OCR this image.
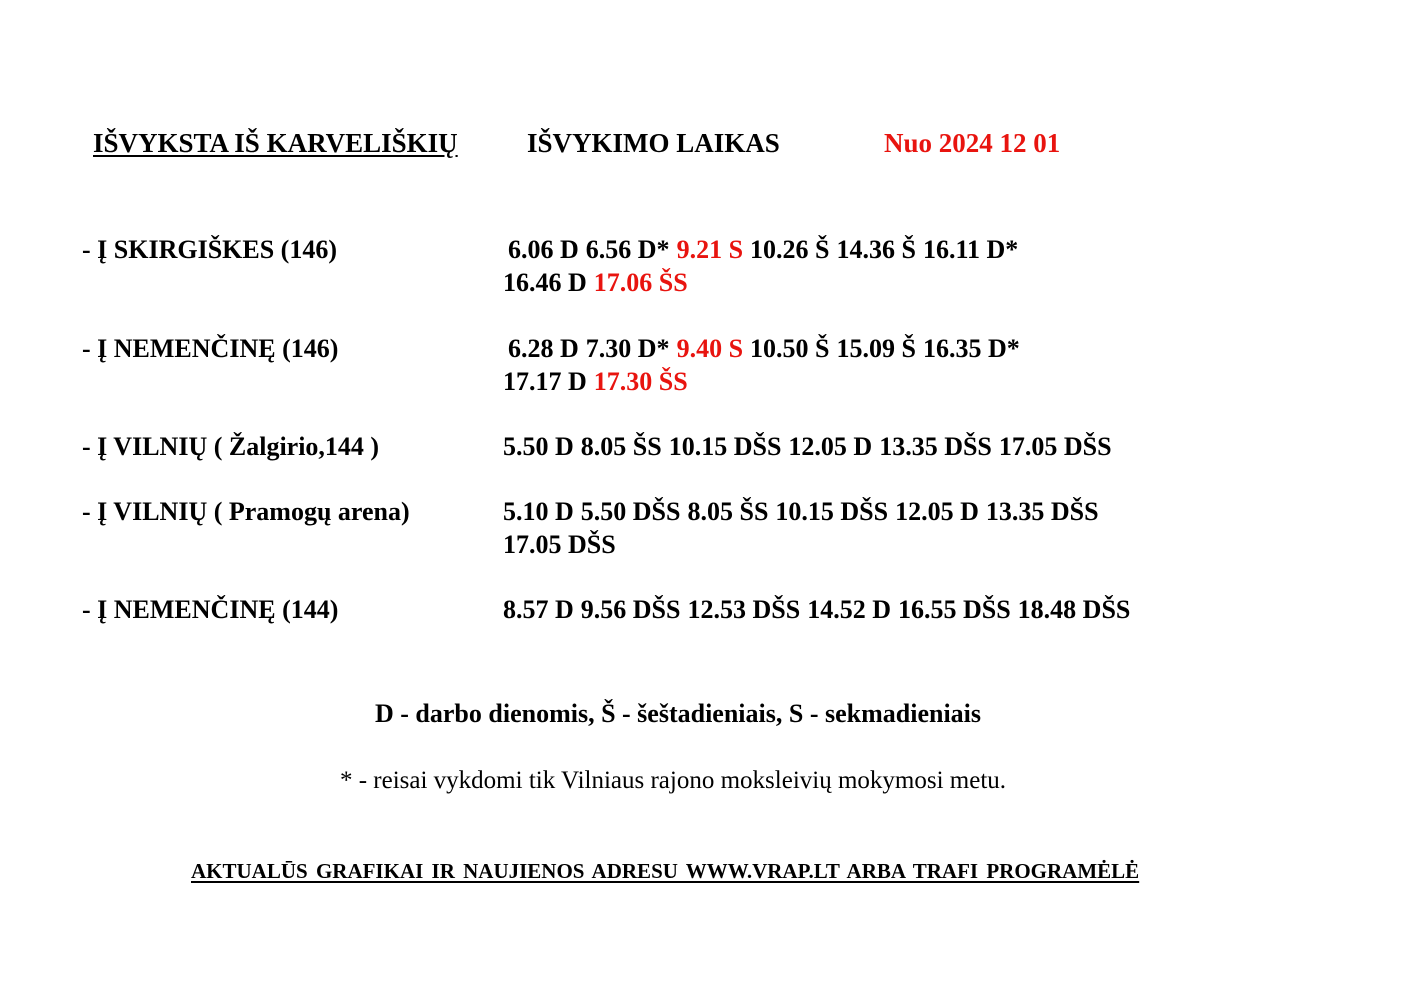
IŠVYKSTA IŠ KARVELIŠKIŲ	IŠVYKIMO LAIKAS	Nuo 2024 12 01
- Į SKIRGIŠKES (146)	6.06 D 6.56 D* 9.21 S 10.26 Š 14.36 Š 16.11 D*
16.46 D 17.06 ŠS
- Į NEMENČINĘ (146)	6.28 D 7.30 D* 9.40 S 10.50 Š 15.09 Š 16.35 D*
17.17 D 17.30 ŠS
- Į VILNIŲ ( Žalgirio,144 )	5.50 D 8.05 ŠS 10.15 DŠS 12.05 D 13.35 DŠS 17.05 DŠS
- Į VILNIŲ ( Pramogų arena)	5.10 D 5.50 DŠS 8.05 ŠS 10.15 DŠS 12.05 D 13.35 DŠS
17.05 DŠS
- Į NEMENČINĘ (144)	8.57 D 9.56 DŠS 12.53 DŠS 14.52 D 16.55 DŠS 18.48 DŠS
D - darbo dienomis, Š - šeštadieniais, S - sekmadieniais
* - reisai vykdomi tik Vilniaus rajono moksleivių mokymosi metu.
AKTUALŪS GRAFIKAI IR NAUJIENOS ADRESU WWW.VRAP.LT ARBA TRAFI PROGRAMĖLĖ
